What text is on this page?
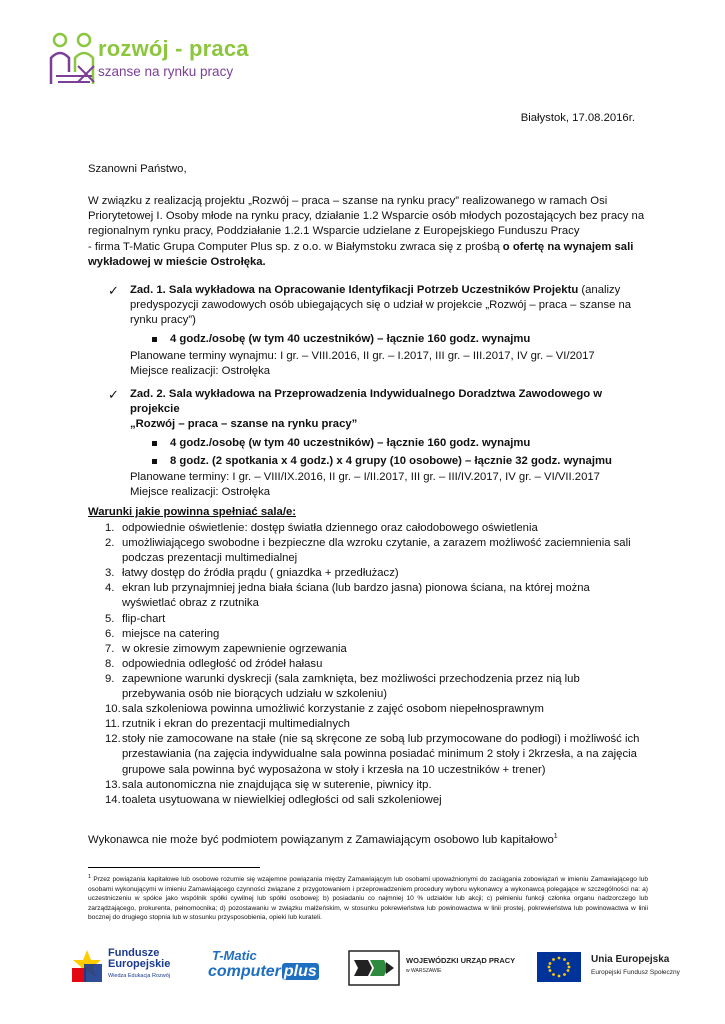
rozwój - praca
szanse na rynku pracy
Białystok, 17.08.2016r.
Szanowni Państwo,

W związku z realizacją projektu „Rozwój – praca – szanse na rynku pracy” realizowanego w ramach Osi

Priorytetowej I. Osoby młode na rynku pracy, działanie 1.2 Wsparcie osób młodych pozostających bez pracy na

regionalnym rynku pracy, Poddziałanie 1.2.1 Wsparcie udzielane z Europejskiego Funduszu Pracy

- firma T-Matic Grupa Computer Plus sp. z o.o. w Białymstoku zwraca się z prośbą o ofertę na wynajem sali

wykładowej w mieście Ostrołęka.

✓ Zad. 1. Sala wykładowa na Opracowanie Identyfikacji Potrzeb Uczestników Projektu (analizy
predyspozycji zawodowych osób ubiegających się o udział w projekcie „Rozwój – praca – szanse na
rynku pracy”)
4 godz./osobę (w tym 40 uczestników) – łącznie 160 godz. wynajmu
Planowane terminy wynajmu: I gr. – VIII.2016, II gr. – I.2017, III gr. – III.2017, IV gr. – VI/2017
Miejsce realizacji: Ostrołęka
✓ Zad. 2. Sala wykładowa na Przeprowadzenia Indywidualnego Doradztwa Zawodowego w projekcie
„Rozwój – praca – szanse na rynku pracy”
4 godz./osobę (w tym 40 uczestników) – łącznie 160 godz. wynajmu
8 godz. (2 spotkania x 4 godz.) x 4 grupy (10 osobowe) – łącznie 32 godz. wynajmu
Planowane terminy: I gr. – VIII/IX.2016, II gr. – I/II.2017, III gr. – III/IV.2017, IV gr. – VI/VII.2017
Miejsce realizacji: Ostrołęka
Warunki jakie powinna spełniać sala/e:
1. odpowiednie oświetlenie: dostęp światła dziennego oraz całodobowego oświetlenia
2. umożliwiającego swobodne i bezpieczne dla wzroku czytanie, a zarazem możliwość zaciemnienia sali
podczas prezentacji multimedialnej
3. łatwy dostęp do źródła prądu ( gniazdka + przedłużacz)
4. ekran lub przynajmniej jedna biała ściana (lub bardzo jasna) pionowa ściana, na której można
wyświetlać obraz z rzutnika
5. flip-chart
6. miejsce na catering
7. w okresie zimowym zapewnienie ogrzewania
8. odpowiednia odległość od źródeł hałasu
9. zapewnione warunki dyskrecji (sala zamknięta, bez możliwości przechodzenia przez nią lub
przebywania osób nie biorących udziału w szkoleniu)
10. sala szkoleniowa powinna umożliwić korzystanie z zajęć osobom niepełnosprawnym
11. rzutnik i ekran do prezentacji multimedialnych
12. stoły nie zamocowane na stałe (nie są skręcone ze sobą lub przymocowane do podłogi) i możliwość ich
przestawiania (na zajęcia indywidualne sala powinna posiadać minimum 2 stoły i 2krzesła, a na zajęcia
grupowe sala powinna być wyposażona w stoły i krzesła na 10 uczestników + trener)
13. sala autonomiczna nie znajdująca się w suterenie, piwnicy itp.
14. toaleta usytuowana w niewielkiej odległości od sali szkoleniowej
Wykonawca nie może być podmiotem powiązanym z Zamawiającym osobowo lub kapitałowo$^1$
$^1$ Przez powiązania kapitałowe lub osobowe rozumie się wzajemne powiązania między Zamawiającym lub osobami upoważnionymi do zaciągania zobowiązań w imieniu Zamawiającego lub osobami wykonującymi w imieniu Zamawiającego czynności związane z przygotowaniem i przeprowadzeniem procedury wyboru wykonawcy a wykonawcą polegające w szczególności na: a) uczestniczeniu w spółce jako wspólnik spółki cywilnej lub spółki osobowej; b) posiadaniu co najmniej 10 % udziałów lub akcji; c) pełnieniu funkcji członka organu nadzorczego lub zarządzającego, prokurenta, pełnomocnika; d) pozostawaniu w związku małżeńskim, w stosunku pokrewieństwa lub powinowactwa w linii prostej, pokrewieństwa lub powinowactwa w linii bocznej do drugiego stopnia lub w stosunku przysposobienia, opieki lub kurateli.
Fundusze
Europejskie
Wiedza Edukacja Rozwój
T-Matic
computer plus
WOJEWÓDZKI URZĄD PRACY
w WARSZAWIE
Unia Europejska
Europejski Fundusz Społeczny
